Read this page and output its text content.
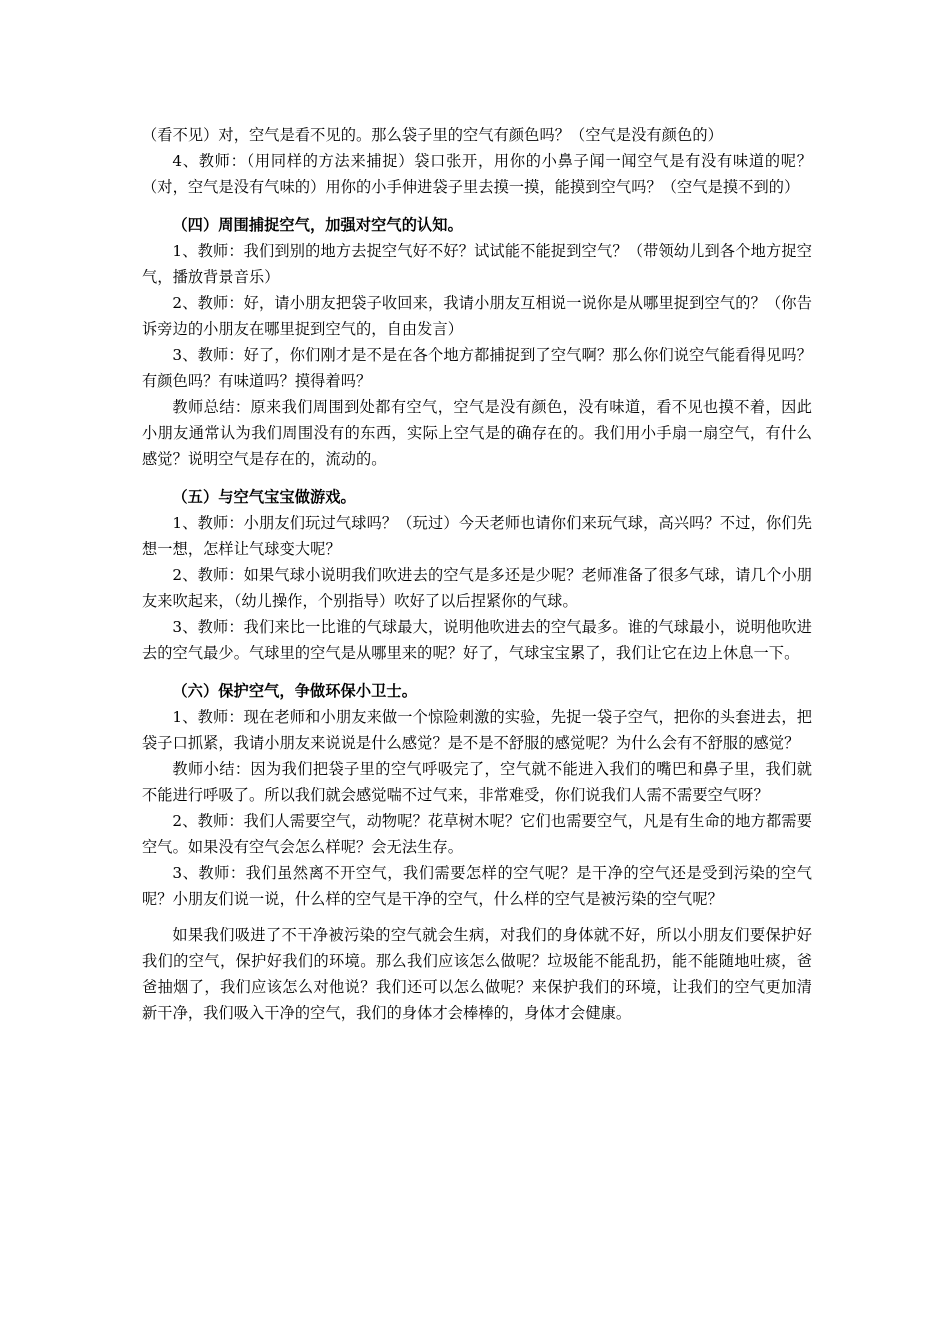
（看不见）对，空气是看不见的。那么袋子里的空气有颜色吗？（空气是没有颜色的）

4、教师：（用同样的方法来捕捉）袋口张开，用你的小鼻子闻一闻空气是有没有味道的呢？（对，空气是没有气味的）用你的小手伸进袋子里去摸一摸，能摸到空气吗？（空气是摸不到的）

（四）周围捕捉空气，加强对空气的认知。

1、教师：我们到别的地方去捉空气好不好？试试能不能捉到空气？（带领幼儿到各个地方捉空气，播放背景音乐）

2、教师：好，请小朋友把袋子收回来，我请小朋友互相说一说你是从哪里捉到空气的？（你告诉旁边的小朋友在哪里捉到空气的，自由发言）

3、教师：好了，你们刚才是不是在各个地方都捕捉到了空气啊？那么你们说空气能看得见吗？有颜色吗？有味道吗？摸得着吗？

教师总结：原来我们周围到处都有空气，空气是没有颜色，没有味道，看不见也摸不着，因此小朋友通常认为我们周围没有的东西，实际上空气是的确存在的。我们用小手扇一扇空气，有什么感觉？说明空气是存在的，流动的。

（五）与空气宝宝做游戏。

1、教师：小朋友们玩过气球吗？（玩过）今天老师也请你们来玩气球，高兴吗？不过，你们先想一想，怎样让气球变大呢？

2、教师：如果气球小说明我们吹进去的空气是多还是少呢？老师准备了很多气球，请几个小朋友来吹起来，（幼儿操作，个别指导）吹好了以后捏紧你的气球。

3、教师：我们来比一比谁的气球最大，说明他吹进去的空气最多。谁的气球最小，说明他吹进去的空气最少。气球里的空气是从哪里来的呢？好了，气球宝宝累了，我们让它在边上休息一下。

（六）保护空气，争做环保小卫士。

1、教师：现在老师和小朋友来做一个惊险刺激的实验，先捉一袋子空气，把你的头套进去，把袋子口抓紧，我请小朋友来说说是什么感觉？是不是不舒服的感觉呢？为什么会有不舒服的感觉？

教师小结：因为我们把袋子里的空气呼吸完了，空气就不能进入我们的嘴巴和鼻子里，我们就不能进行呼吸了。所以我们就会感觉喘不过气来，非常难受，你们说我们人需不需要空气呀？

2、教师：我们人需要空气，动物呢？花草树木呢？它们也需要空气，凡是有生命的地方都需要空气。如果没有空气会怎么样呢？会无法生存。

3、教师：我们虽然离不开空气，我们需要怎样的空气呢？是干净的空气还是受到污染的空气呢？小朋友们说一说，什么样的空气是干净的空气，什么样的空气是被污染的空气呢？

如果我们吸进了不干净被污染的空气就会生病，对我们的身体就不好，所以小朋友们要保护好我们的空气，保护好我们的环境。那么我们应该怎么做呢？垃圾能不能乱扔，能不能随地吐痰，爸爸抽烟了，我们应该怎么对他说？我们还可以怎么做呢？来保护我们的环境，让我们的空气更加清新干净，我们吸入干净的空气，我们的身体才会棒棒的，身体才会健康。
